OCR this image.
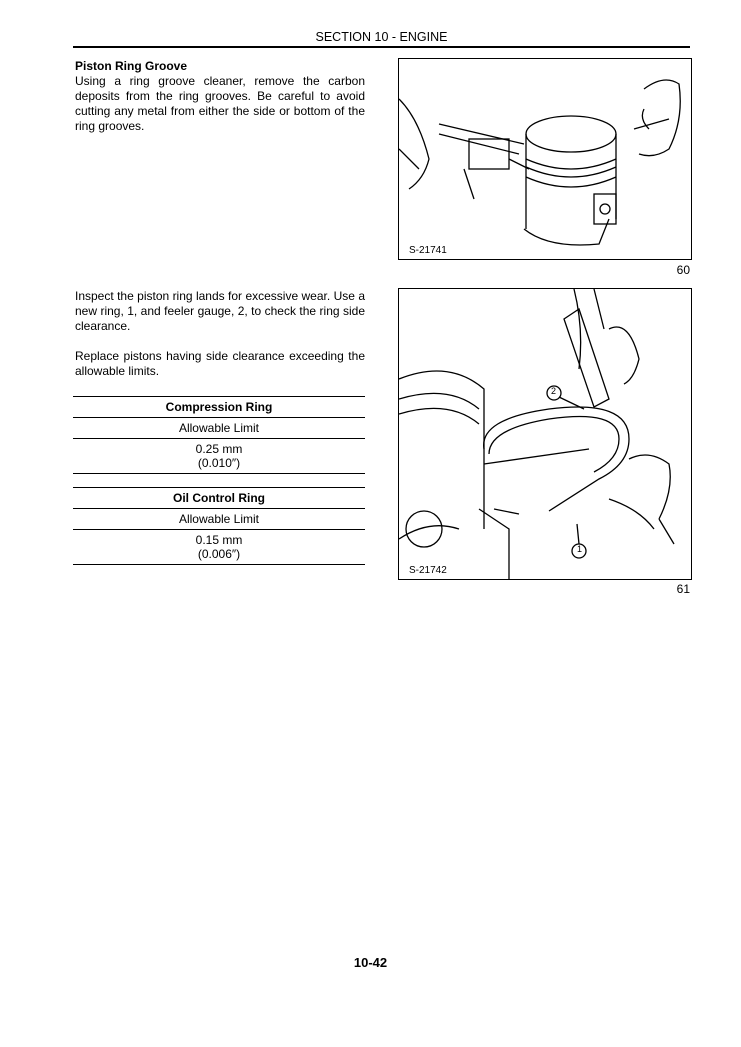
SECTION 10 - ENGINE
Piston Ring Groove
Using a ring groove cleaner, remove the carbon deposits from the ring grooves. Be careful to avoid cutting any metal from either the side or bottom of the ring grooves.
S-21741
60
Inspect the piston ring lands for excessive wear. Use a new ring, 1, and feeler gauge, 2, to check the ring side clearance.
Replace pistons having side clearance exceeding the allowable limits.
Compression Ring
Allowable Limit
0.25 mm
(0.010″)
Oil Control Ring
Allowable Limit
0.15 mm
(0.006″)
S-21742
2
1
61
10-42
